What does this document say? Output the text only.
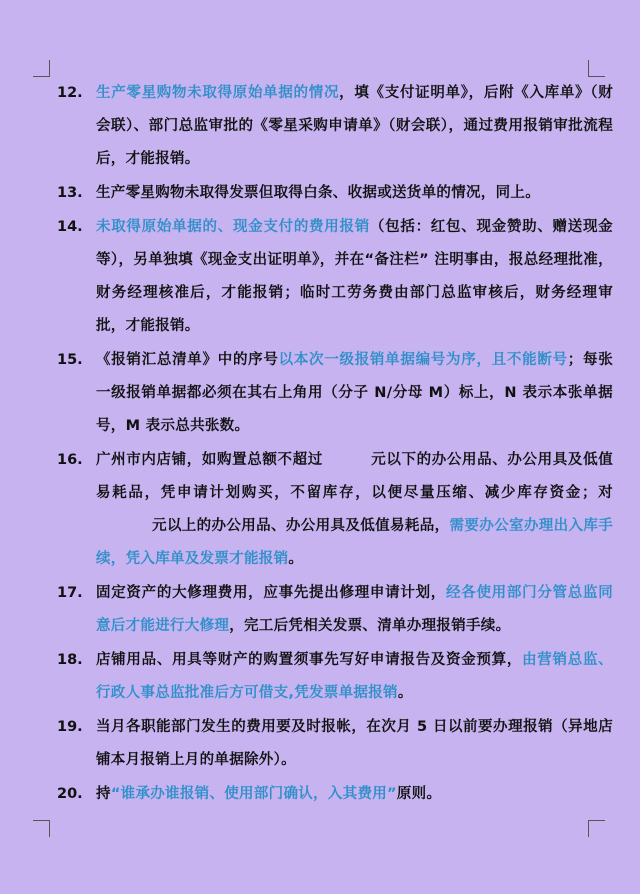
12. 生产零星购物未取得原始单据的情况，填《支付证明单》，后附《入库单》（财会联）、部门总监审批的《零星采购申请单》（财会联），通过费用报销审批流程后，才能报销。
13. 生产零星购物未取得发票但取得白条、收据或送货单的情况，同上。
14. 未取得原始单据的、现金支付的费用报销（包括：红包、现金赞助、赠送现金等），另单独填《现金支出证明单》，并在“备注栏” 注明事由，报总经理批准，财务经理核准后，才能报销；临时工劳务费由部门总监审核后，财务经理审批，才能报销。
15. 《报销汇总清单》中的序号以本次一级报销单据编号为序，且不能断号；每张一级报销单据都必须在其右上角用（分子 N/分母 M）标上，N 表示本张单据号，M 表示总共张数。
16. 广州市内店铺，如购置总额不超过	元以下的办公用品、办公用具及低值易耗品，凭申请计划购买，不留库存，以便尽量压缩、减少库存资金；对元以上的办公用品、办公用具及低值易耗品，需要办公室办理出入库手续，凭入库单及发票才能报销。
17. 固定资产的大修理费用，应事先提出修理申请计划，经各使用部门分管总监同意后才能进行大修理，完工后凭相关发票、清单办理报销手续。
18. 店铺用品、用具等财产的购置须事先写好申请报告及资金预算，由营销总监、行政人事总监批准后方可借支,凭发票单据报销。
19. 当月各职能部门发生的费用要及时报帐，在次月 5 日以前要办理报销（异地店铺本月报销上月的单据除外）。
20. 持“谁承办谁报销、使用部门确认，入其费用”原则。
